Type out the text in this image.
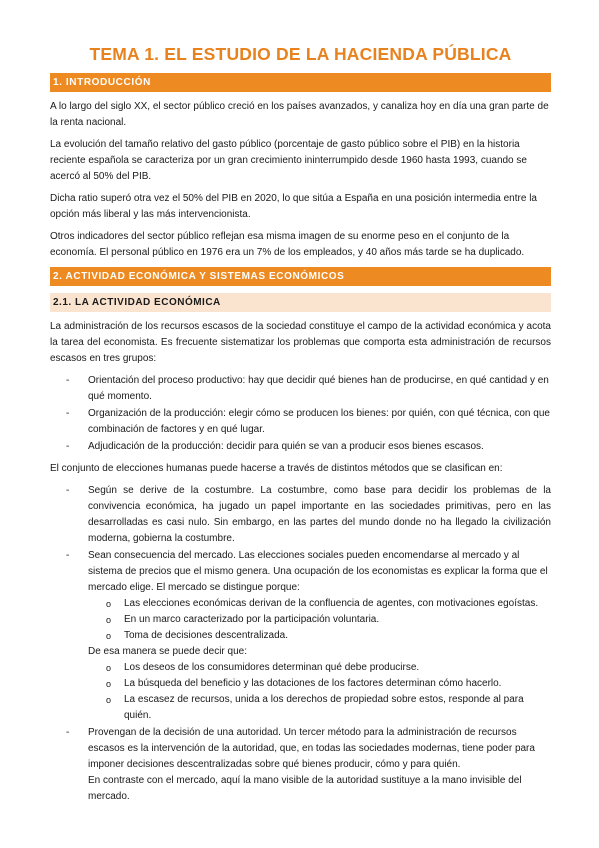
TEMA 1. EL ESTUDIO DE LA HACIENDA PÚBLICA
1. INTRODUCCIÓN

A lo largo del siglo XX, el sector público creció en los países avanzados, y canaliza hoy en día una gran parte de la renta nacional.

La evolución del tamaño relativo del gasto público (porcentaje de gasto público sobre el PIB) en la historia reciente española se caracteriza por un gran crecimiento ininterrumpido desde 1960 hasta 1993, cuando se acercó al 50% del PIB.

Dicha ratio superó otra vez el 50% del PIB en 2020, lo que sitúa a España en una posición intermedia entre la opción más liberal y las más intervencionista.

Otros indicadores del sector público reflejan esa misma imagen de su enorme peso en el conjunto de la economía. El personal público en 1976 era un 7% de los empleados, y 40 años más tarde se ha duplicado.

2. ACTIVIDAD ECONÓMICA Y SISTEMAS ECONÓMICOS
2.1. LA ACTIVIDAD ECONÓMICA

La administración de los recursos escasos de la sociedad constituye el campo de la actividad económica y acota la tarea del economista. Es frecuente sistematizar los problemas que comporta esta administración de recursos escasos en tres grupos:

- Orientación del proceso productivo: hay que decidir qué bienes han de producirse, en qué cantidad y en qué momento.
- Organización de la producción: elegir cómo se producen los bienes: por quién, con qué técnica, con que combinación de factores y en qué lugar.
- Adjudicación de la producción: decidir para quién se van a producir esos bienes escasos.

El conjunto de elecciones humanas puede hacerse a través de distintos métodos que se clasifican en:

- Según se derive de la costumbre. La costumbre, como base para decidir los problemas de la convivencia económica, ha jugado un papel importante en las sociedades primitivas, pero en las desarrolladas es casi nulo. Sin embargo, en las partes del mundo donde no ha llegado la civilización moderna, gobierna la costumbre.
- Sean consecuencia del mercado. Las elecciones sociales pueden encomendarse al mercado y al sistema de precios que el mismo genera. Una ocupación de los economistas es explicar la forma que el mercado elige. El mercado se distingue porque:
o Las elecciones económicas derivan de la confluencia de agentes, con motivaciones egoístas.
o En un marco caracterizado por la participación voluntaria.
o Toma de decisiones descentralizada.
De esa manera se puede decir que:
o Los deseos de los consumidores determinan qué debe producirse.
o La búsqueda del beneficio y las dotaciones de los factores determinan cómo hacerlo.
o La escasez de recursos, unida a los derechos de propiedad sobre estos, responde al para quién.
- Provengan de la decisión de una autoridad. Un tercer método para la administración de recursos escasos es la intervención de la autoridad, que, en todas las sociedades modernas, tiene poder para imponer decisiones descentralizadas sobre qué bienes producir, cómo y para quién.
En contraste con el mercado, aquí la mano visible de la autoridad sustituye a la mano invisible del mercado.
